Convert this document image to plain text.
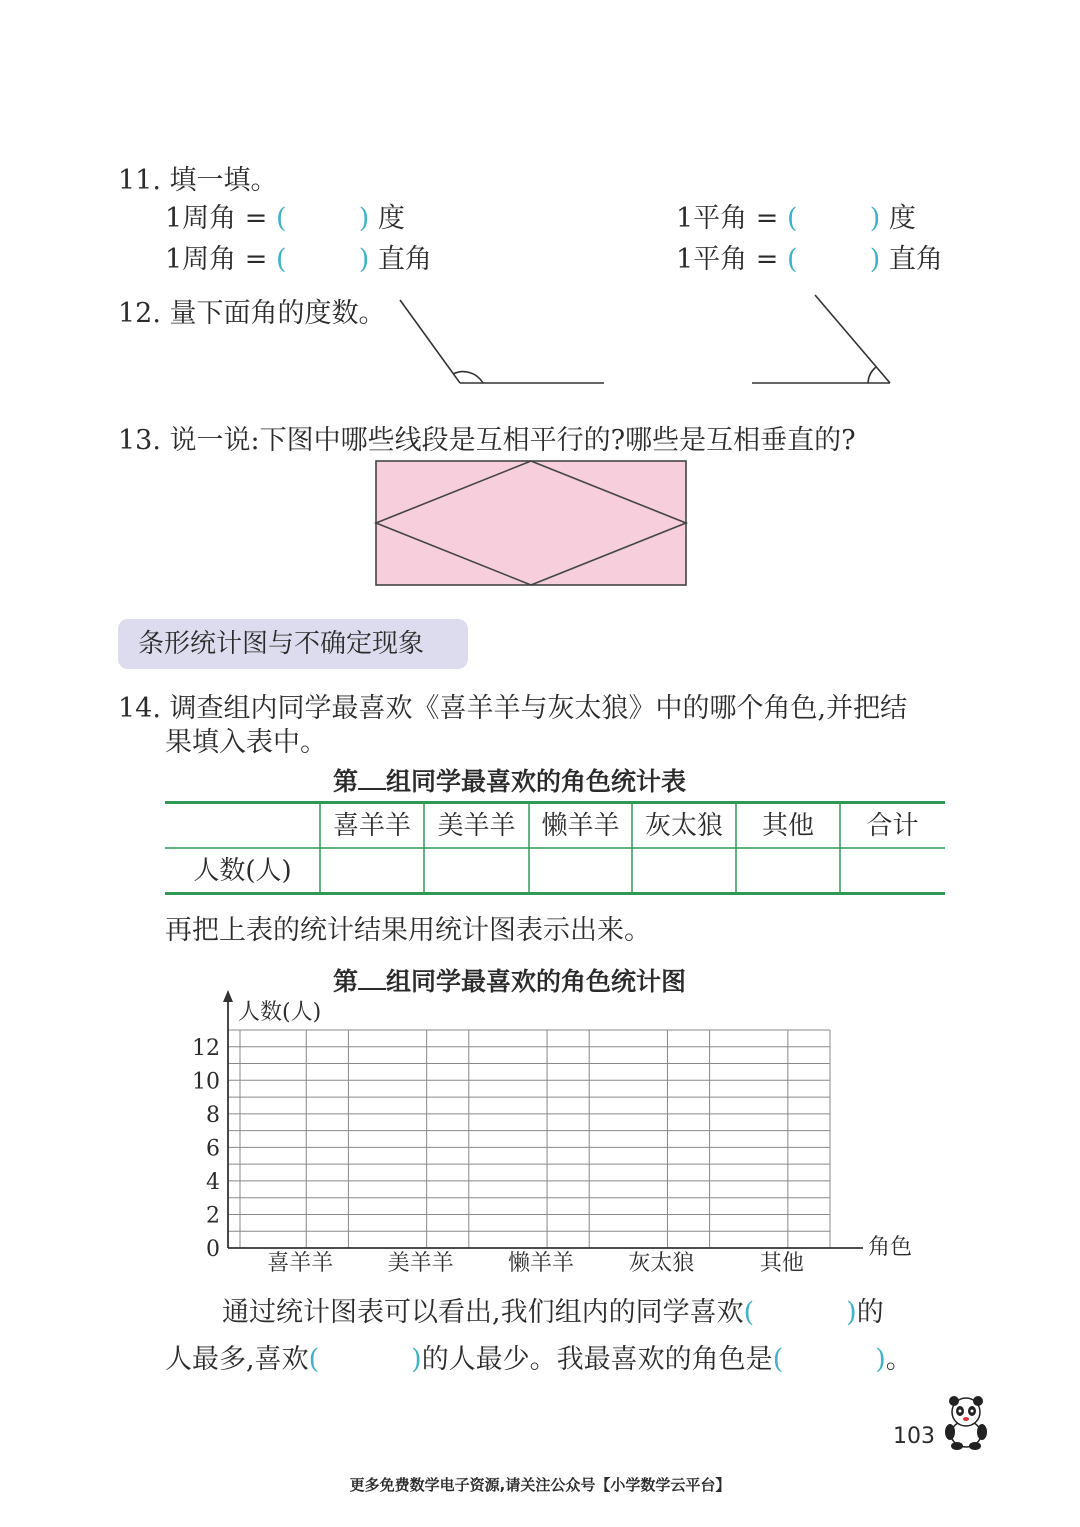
11. 填一填。
1周角 = (	) 度
1周角 = (	) 直角
1平角 = (	) 度
1平角 = (	) 直角
12. 量下面角的度数。
13. 说一说:下图中哪些线段是互相平行的?哪些是互相垂直的?
条形统计图与不确定现象
14. 调查组内同学最喜欢《喜羊羊与灰太狼》中的哪个角色,并把结
果填入表中。
第 组同学最喜欢的角色统计表
喜羊羊	美羊羊 懒羊羊 灰太狼	其他	合计
人数(人)
再把上表的统计结果用统计图表示出来。
第 组同学最喜欢的角色统计图
人数(人)
角色
0
2
4
6
8
10
12
喜羊羊 美羊羊 懒羊羊 灰太狼	其他
通过统计图表可以看出,我们组内的同学喜欢(	)的
人最多,喜欢(	)的人最少。我最喜欢的角色是(	)。
103
更多免费数学电子资源,请关注公众号【小学数学云平台】
